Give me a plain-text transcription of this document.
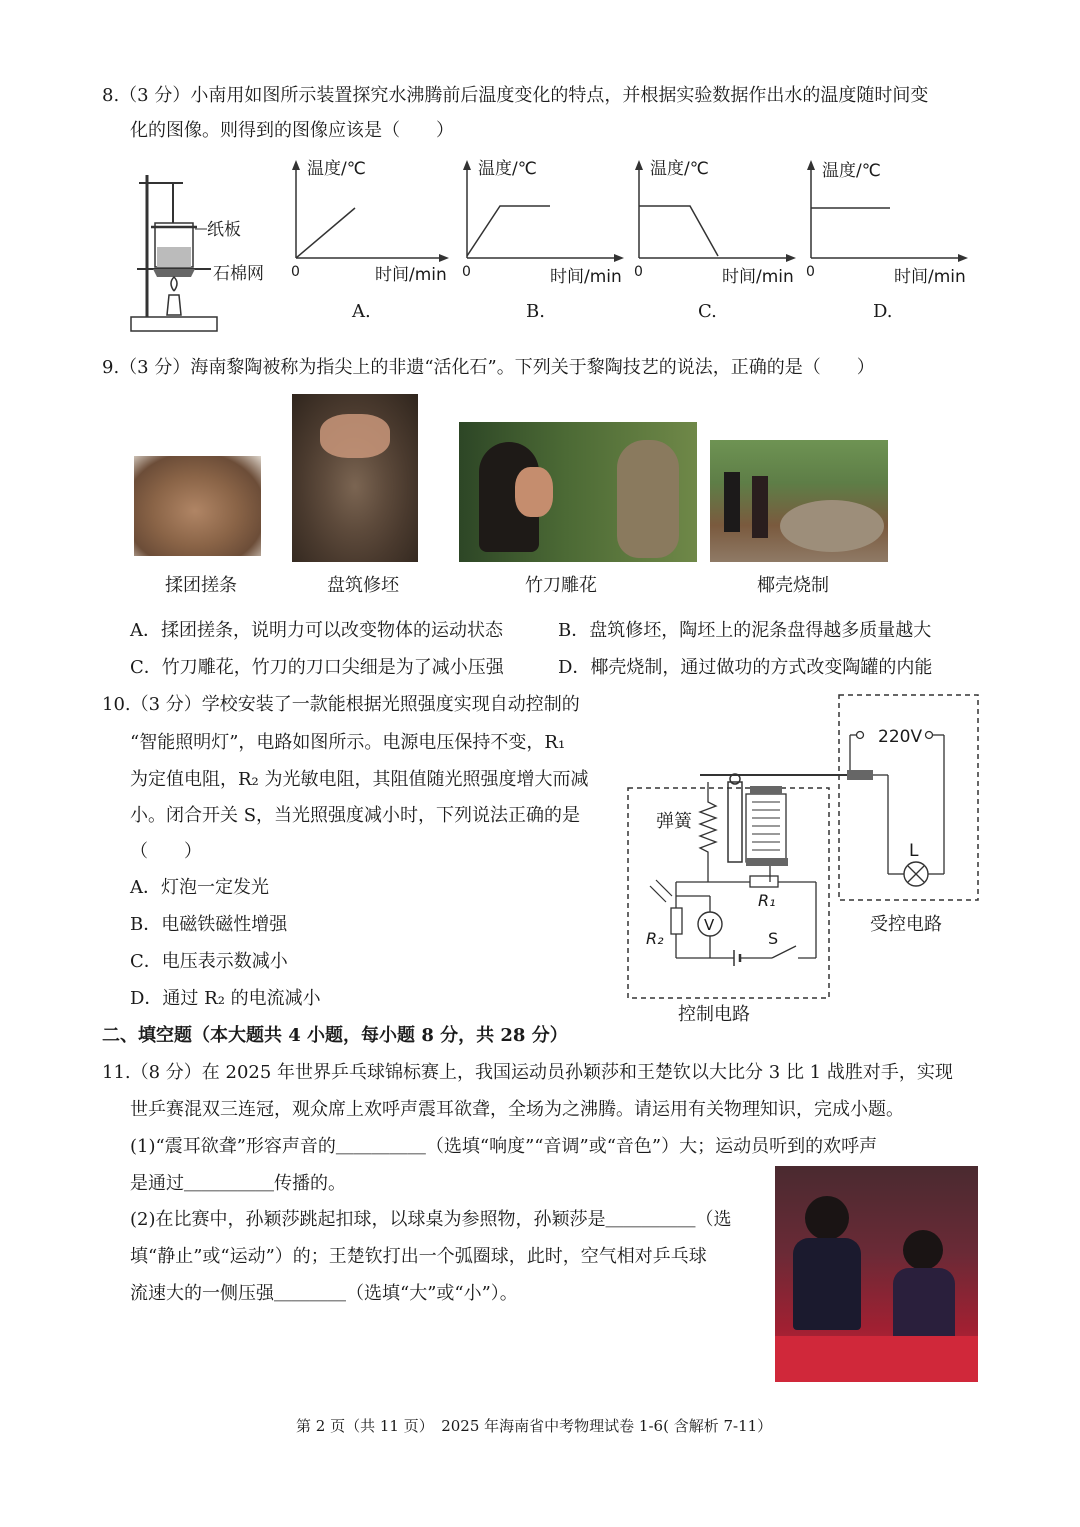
8.（3 分）小南用如图所示装置探究水沸腾前后温度变化的特点，并根据实验数据作出水的温度随时间变
化的图像。则得到的图像应该是（　　）
纸板
石棉网
温度/℃
0	时间/min
温度/℃
0	时间/min
温度/℃
0	时间/min
温度/℃
0	时间/min
A.	B.	C.	D.
9.（3 分）海南黎陶被称为指尖上的非遗“活化石”。下列关于黎陶技艺的说法，正确的是（　　）
揉团搓条	盘筑修坯	竹刀雕花	椰壳烧制
A．揉团搓条，说明力可以改变物体的运动状态	B．盘筑修坯，陶坯上的泥条盘得越多质量越大
C．竹刀雕花，竹刀的刀口尖细是为了减小压强	D．椰壳烧制，通过做功的方式改变陶罐的内能
10.（3 分）学校安装了一款能根据光照强度实现自动控制的
“智能照明灯”，电路如图所示。电源电压保持不变，R₁
为定值电阻，R₂ 为光敏电阻，其阻值随光照强度增大而减
小。闭合开关 S，当光照强度减小时，下列说法正确的是
（　　）
A．灯泡一定发光
B．电磁铁磁性增强
C．电压表示数减小
D．通过 R₂ 的电流减小
220V
L
受控电路
弹簧
R₁
R₂
V
S
控制电路
二、填空题（本大题共 4 小题，每小题 8 分，共 28 分）
11.（8 分）在 2025 年世界乒乓球锦标赛上，我国运动员孙颖莎和王楚钦以大比分 3 比 1 战胜对手，实现
世乒赛混双三连冠，观众席上欢呼声震耳欲聋，全场为之沸腾。请运用有关物理知识，完成小题。
(1)“震耳欲聋”形容声音的＿＿＿＿＿（选填“响度”“音调”或“音色”）大；运动员听到的欢呼声
是通过＿＿＿＿＿传播的。
(2)在比赛中，孙颖莎跳起扣球，以球桌为参照物，孙颖莎是＿＿＿＿＿（选
填“静止”或“运动”）的；王楚钦打出一个弧圈球，此时，空气相对乒乓球
流速大的一侧压强＿＿＿＿（选填“大”或“小”）。
第 2 页（共 11 页）　2025 年海南省中考物理试卷 1-6( 含解析 7-11）
